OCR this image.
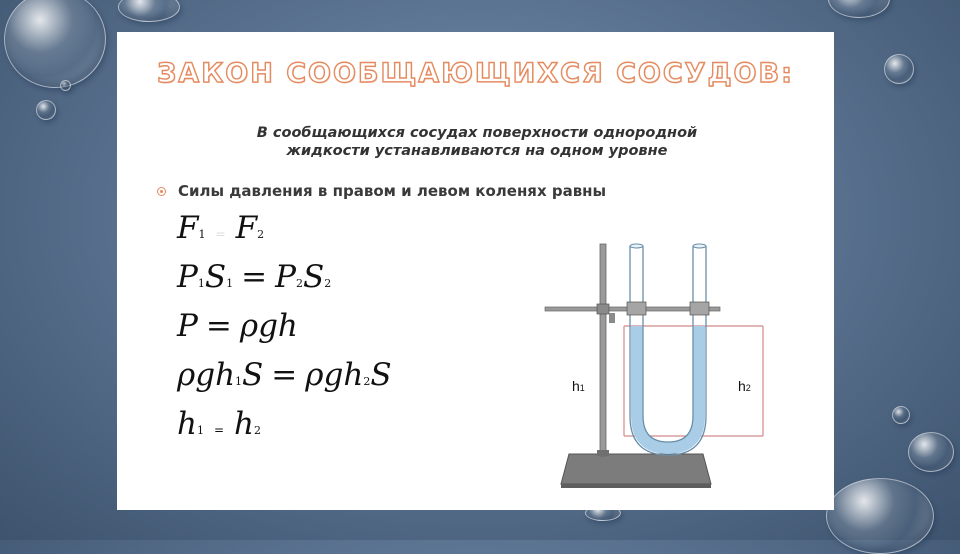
ЗАКОН СООБЩАЮЩИХСЯ СОСУДОВ:
В сообщающихся сосудах поверхности однородной
жидкости устанавливаются на одном уровне
Силы давления в правом и левом коленях равны
F1 = F2
P1S1 = P2S2
P = ρgh
ρgh1S = ρgh2S
h1 = h2
h1	h2
